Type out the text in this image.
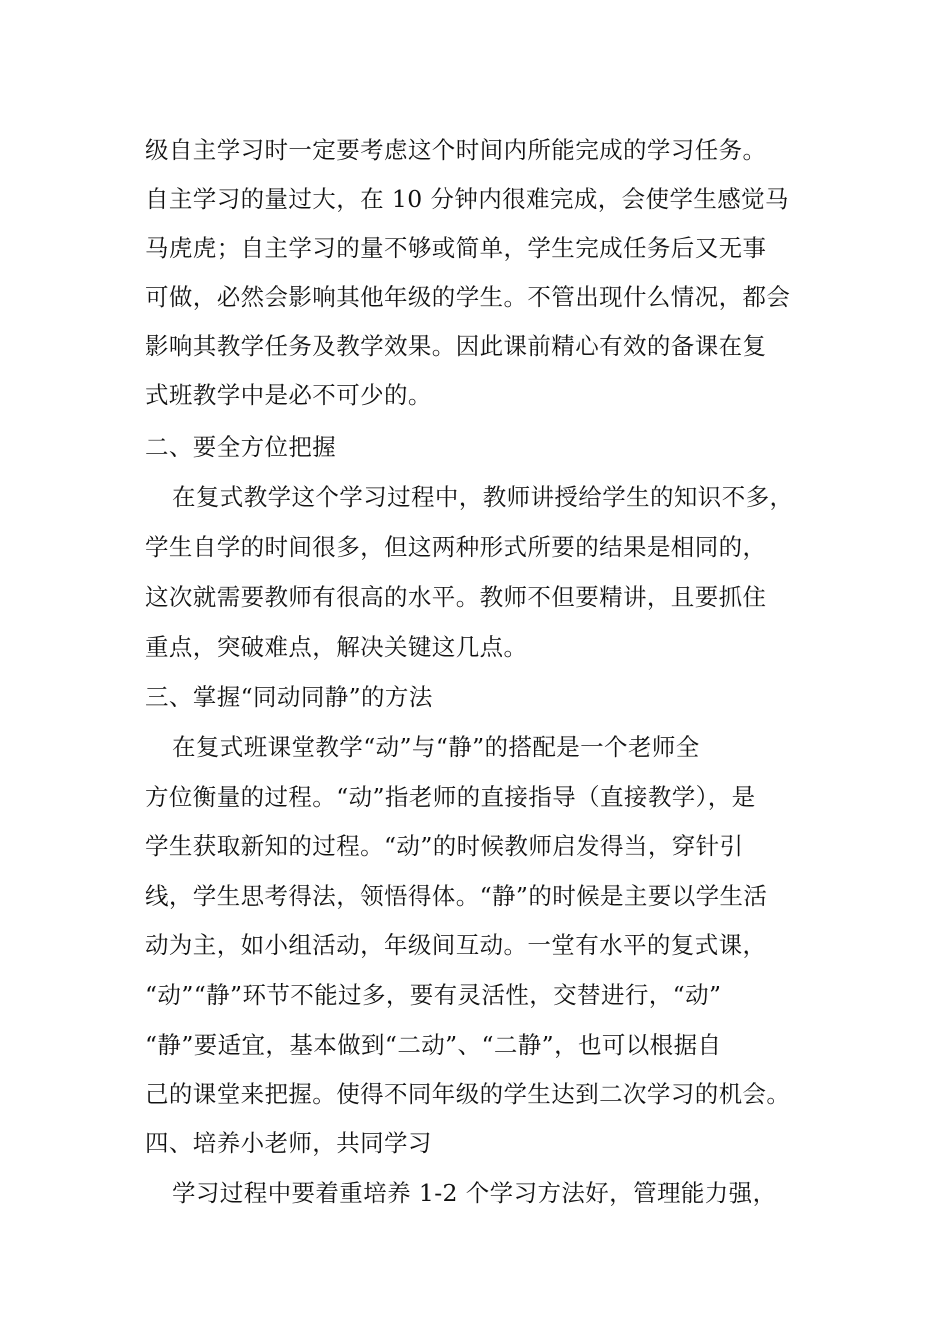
级自主学习时一定要考虑这个时间内所能完成的学习任务。
自主学习的量过大，在 10 分钟内很难完成，会使学生感觉马
马虎虎；自主学习的量不够或简单，学生完成任务后又无事
可做，必然会影响其他年级的学生。不管出现什么情况，都会
影响其教学任务及教学效果。因此课前精心有效的备课在复
式班教学中是必不可少的。
二、要全方位把握
在复式教学这个学习过程中，教师讲授给学生的知识不多，
学生自学的时间很多，但这两种形式所要的结果是相同的，
这次就需要教师有很高的水平。教师不但要精讲，且要抓住
重点，突破难点，解决关键这几点。
三、掌握“同动同静”的方法
在复式班课堂教学“动”与“静”的搭配是一个老师全
方位衡量的过程。“动”指老师的直接指导（直接教学），是
学生获取新知的过程。“动”的时候教师启发得当，穿针引
线，学生思考得法，领悟得体。“静”的时候是主要以学生活
动为主，如小组活动，年级间互动。一堂有水平的复式课，
“动”“静”环节不能过多，要有灵活性，交替进行，“动”
“静”要适宜，基本做到“二动”、“二静”，也可以根据自
己的课堂来把握。使得不同年级的学生达到二次学习的机会。
四、培养小老师，共同学习
学习过程中要着重培养 1-2 个学习方法好，管理能力强，
